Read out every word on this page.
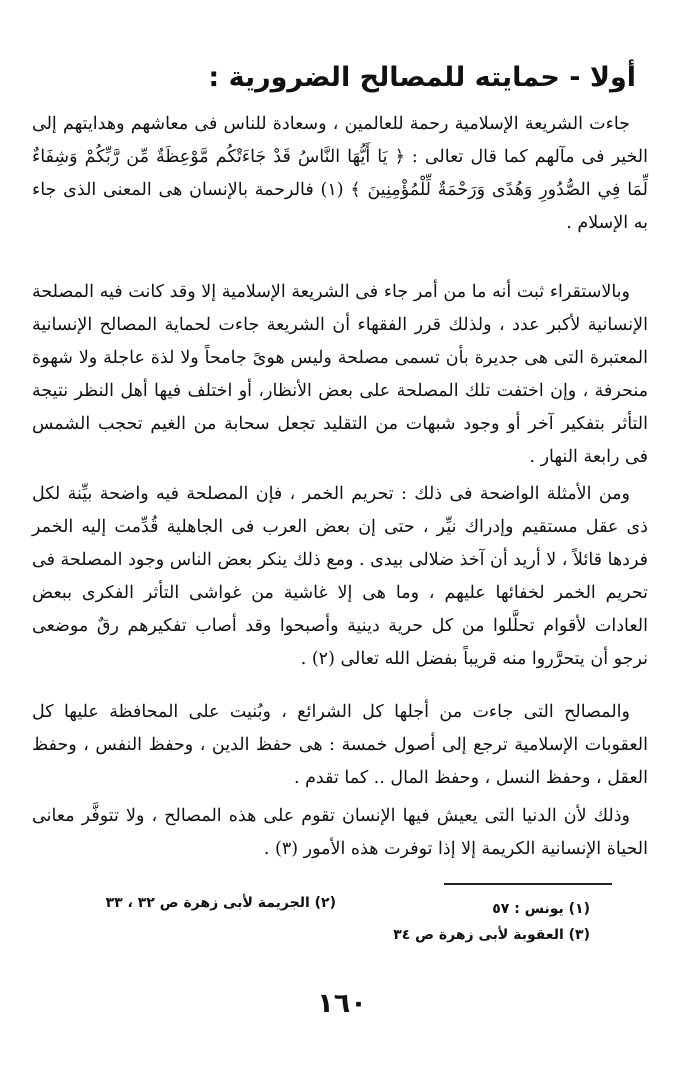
أولا - حمايته للمصالح الضرورية :

جاءت الشريعة الإسلامية رحمة للعالمين ، وسعادة للناس فى معاشهم وهدايتهم إلى الخير فى مآلهم كما قال تعالى : ﴿ يَا أَيُّهَا النَّاسُ قَدْ جَاءَتْكُم مَّوْعِظَةٌ مِّن رَّبِّكُمْ وَشِفَاءٌ لِّمَا فِي الصُّدُورِ وَهُدًى وَرَحْمَةٌ لِّلْمُؤْمِنِينَ ﴾ (١) فالرحمة بالإنسان هى المعنى الذى جاء به الإسلام .

وبالاستقراء ثبت أنه ما من أمر جاء فى الشريعة الإسلامية إلا وقد كانت فيه المصلحة الإنسانية لأكبر عدد ، ولذلك قرر الفقهاء أن الشريعة جاءت لحماية المصالح الإنسانية المعتبرة التى هى جديرة بأن تسمى مصلحة وليس هوىً جامحاً ولا لذة عاجلة ولا شهوة منحرفة ، وإن اختفت تلك المصلحة على بعض الأنظار، أو اختلف فيها أهل النظر نتيجة التأثر بتفكير آخر أو وجود شبهات من التقليد تجعل سحابة من الغيم تحجب الشمس فى رابعة النهار .

ومن الأمثلة الواضحة فى ذلك : تحريم الخمر ، فإن المصلحة فيه واضحة بيِّنة لكل ذى عقل مستقيم وإدراك نيِّر ، حتى إن بعض العرب فى الجاهلية قُدِّمت إليه الخمر فردها قائلاً ، لا أريد أن آخذ ضلالى بيدى . ومع ذلك ينكر بعض الناس وجود المصلحة فى تحريم الخمر لخفائها عليهم ، وما هى إلا غاشية من غواشى التأثر الفكرى ببعض العادات لأقوام تحلَّلوا من كل حرية دينية وأصبحوا وقد أصاب تفكيرهم رقٌ موضعى نرجو أن يتحرَّروا منه قريباً بفضل الله تعالى (٢) .

والمصالح التى جاءت من أجلها كل الشرائع ، وبُنيت على المحافظة عليها كل العقوبات الإسلامية ترجع إلى أصول خمسة : هى حفظ الدين ، وحفظ النفس ، وحفظ العقل ، وحفظ النسل ، وحفظ المال .. كما تقدم .

وذلك لأن الدنيا التى يعيش فيها الإنسان تقوم على هذه المصالح ، ولا تتوفَّر معانى الحياة الإنسانية الكريمة إلا إذا توفرت هذه الأمور (٣) .

(١) يونس : ٥٧
(٢) الجريمة لأبى زهرة ص ٣٢ ، ٣٣
(٣) العقوبة لأبى زهرة ص ٣٤
١٦٠
